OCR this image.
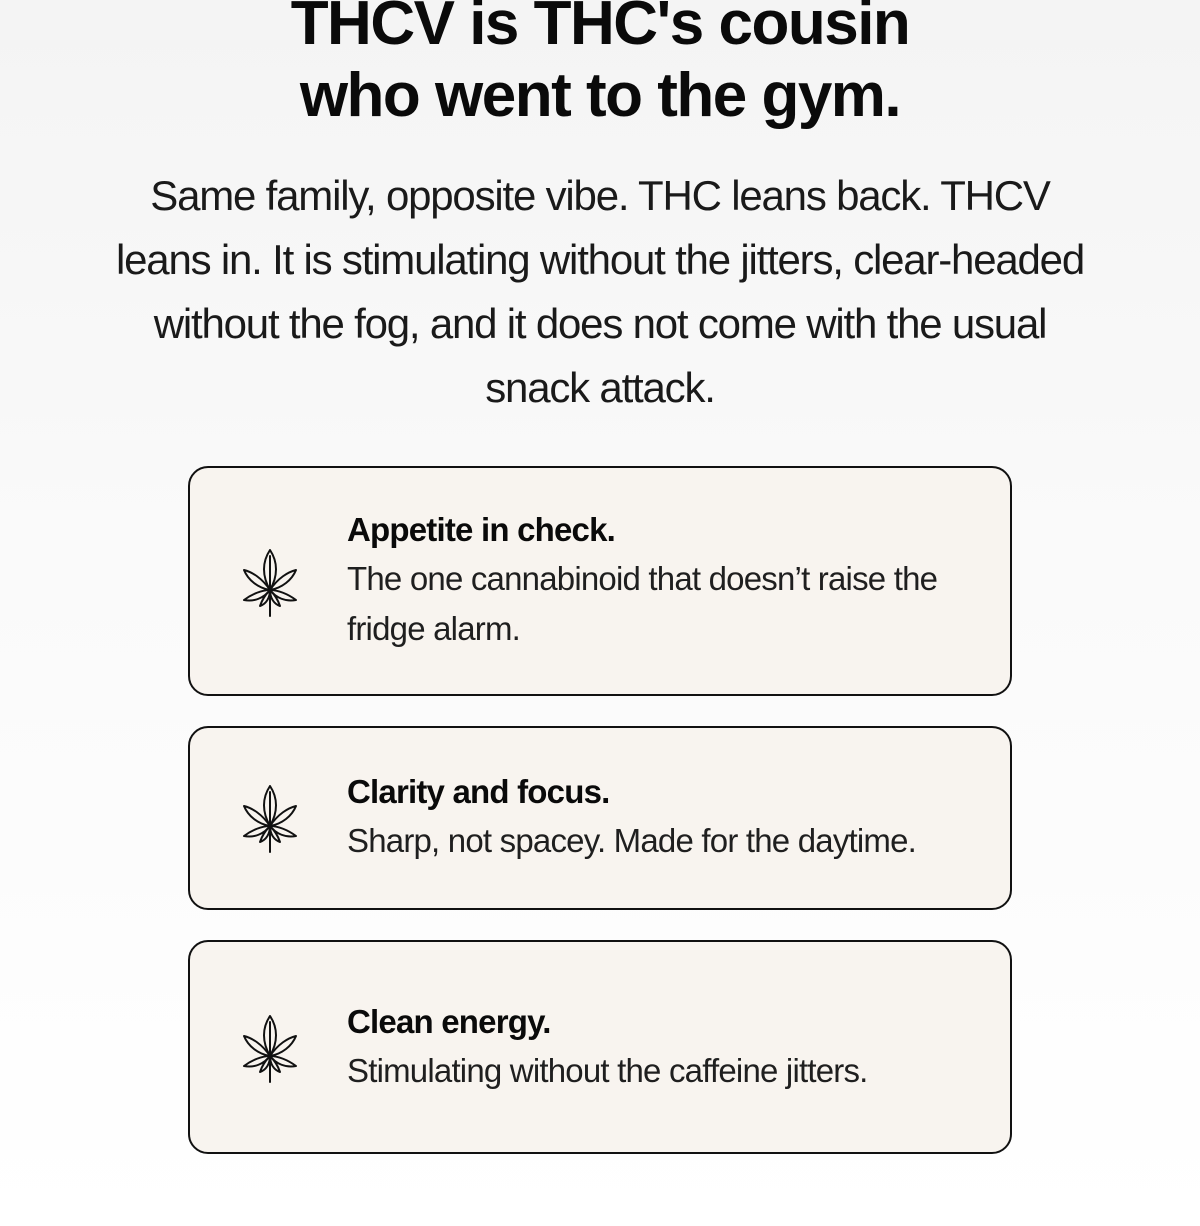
THCV is THC's cousin
who went to the gym.

Same family, opposite vibe. THC leans back. THCV leans in. It is stimulating without the jitters, clear-headed without the fog, and it does not come with the usual snack attack.

Appetite in check.
The one cannabinoid that doesn’t raise the fridge alarm.
Clarity and focus.
Sharp, not spacey. Made for the daytime.
Clean energy.
Stimulating without the caffeine jitters.
